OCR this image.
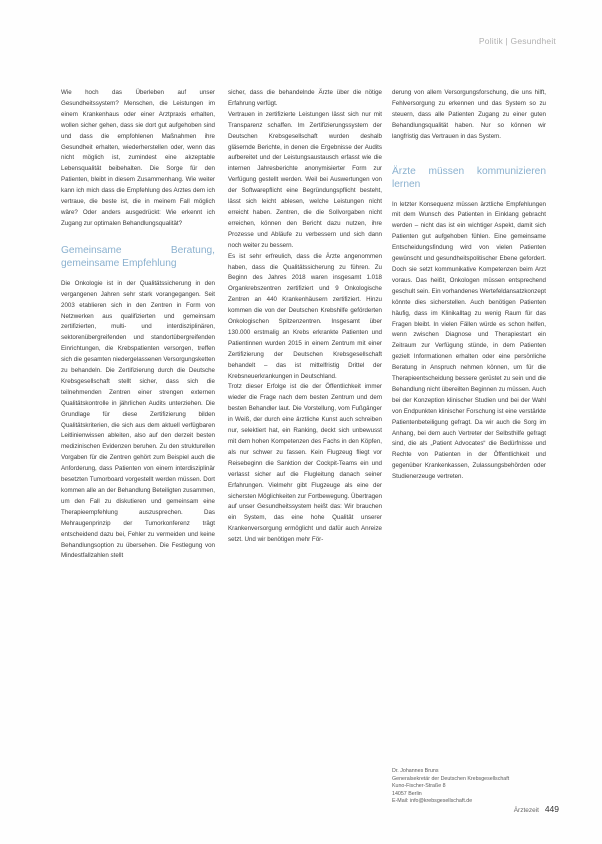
Politik | Gesundheit

Wie hoch das Überleben auf unser Gesundheitssystem? Menschen, die Leistungen im einem Krankenhaus oder einer Arztpraxis erhalten, wollen sicher gehen, dass sie dort gut aufgehoben sind und dass die empfohlenen Maßnahmen ihre Gesundheit erhalten, wiederherstellen oder, wenn das nicht möglich ist, zumindest eine akzeptable Lebensqualität beibehalten. Die Sorge für den Patienten, bleibt in diesem Zusammenhang. Wie weiter kann ich mich dass die Empfehlung des Arztes dem ich vertraue, die beste ist, die in meinem Fall möglich wäre? Oder anders ausgedrückt: Wie erkennt ich Zugang zur optimalen Behandlungsqualität?

Gemeinsame Beratung, gemeinsame Empfehlung

Die Onkologie ist in der Qualitätssicherung in den vergangenen Jahren sehr stark vorangegangen. Seit 2003 etablieren sich in den Zentren in Form von Netzwerken aus qualifizierten und gemeinsam zertifizierten, multi- und interdisziplinären, sektorenübergreifenden und standortübergreifenden Einrichtungen, die Krebspatienten versorgen, treffen sich die gesamten niedergelassenen Versorgungsketten zu behandeln. Die Zertifizierung durch die Deutsche Krebsgesellschaft stellt sicher, dass sich die teilnehmenden Zentren einer strengen externen Qualitätskontrolle in jährlichen Audits unterziehen. Die Grundlage für diese Zertifizierung bilden Qualitätskriterien, die sich aus dem aktuell verfügbaren Leitlinienwissen ableiten, also auf den derzeit besten medizinischen Evidenzen beruhen. Zu den strukturellen Vorgaben für die Zentren gehört zum Beispiel auch die Anforderung, dass Patienten von einem interdisziplinär besetzten Tumorboard vorgestellt werden müssen. Dort kommen alle an der Behandlung Beteiligten zusammen, um den Fall zu diskutieren und gemeinsam eine Therapieempfehlung auszusprechen. Das Mehraugenprinzip der Tumorkonferenz trägt entscheidend dazu bei, Fehler zu vermeiden und keine Behandlungsoption zu übersehen. Die Festlegung von Mindestfallzahlen stellt

sicher, dass die behandelnde Ärzte über die nötige Erfahrung verfügt.

Vertrauen in zertifizierte Leistungen lässt sich nur mit Transparenz schaffen. Im Zertifizierungssystem der Deutschen Krebsgesellschaft wurden deshalb gläsernde Berichte, in denen die Ergebnisse der Audits aufbereitet und der Leistungsaustausch erfasst wie die internen Jahresberichte anonymisierter Form zur Verfügung gestellt werden. Weil bei Auswertungen von der Softwarepflicht eine Begründungspflicht besteht, lässt sich leicht ablesen, welche Leistungen nicht erreicht haben. Zentren, die die Sollvorgaben nicht erreichen, können den Bericht dazu nutzen, ihre Prozesse und Abläufe zu verbessern und sich dann noch weiter zu bessern.

Es ist sehr erfreulich, dass die Ärzte angenommen haben, dass die Qualitätssicherung zu führen. Zu Beginn des Jahres 2018 waren insgesamt 1.018 Organkrebszentren zertifiziert und 9 Onkologische Zentren an 440 Krankenhäusern zertifiziert. Hinzu kommen die von der Deutschen Krebshilfe geförderten Onkologischen Spitzenzentren. Insgesamt über 130.000 erstmalig an Krebs erkrankte Patienten und Patientinnen wurden 2015 in einem Zentrum mit einer Zertifizierung der Deutschen Krebsgesellschaft behandelt – das ist mittelfristig Drittel der Krebsneuerkrankungen in Deutschland.

Trotz dieser Erfolge ist die der Öffentlichkeit immer wieder die Frage nach dem besten Zentrum und dem besten Behandler laut. Die Vorstellung, vom Fußgänger in Weiß, der durch eine ärztliche Kunst auch schreiben nur, selektiert hat, ein Ranking, deckt sich unbewusst mit dem hohen Kompetenzen des Fachs in den Köpfen, als nur schwer zu fassen. Kein Flugzeug fliegt vor Reisebeginn die Sanktion der Cockpit-Teams ein und verlasst sicher auf die Flugleitung danach seiner Erfahrungen. Vielmehr gibt Flugzeuge als eine der sichersten Möglichkeiten zur Fortbewegung. Übertragen auf unser Gesundheitssystem heißt das: Wir brauchen ein System, das eine hohe Qualität unserer Krankenversorgung ermöglicht und dafür auch Anreize setzt. Und wir benötigen mehr För-

derung von allem Versorgungsforschung, die uns hilft, Fehlversorgung zu erkennen und das System so zu steuern, dass alle Patienten Zugang zu einer guten Behandlungsqualität haben. Nur so können wir langfristig das Vertrauen in das System.

Ärzte müssen kommunizieren lernen

In letzter Konsequenz müssen ärztliche Empfehlungen mit dem Wunsch des Patienten in Einklang gebracht werden – nicht das ist ein wichtiger Aspekt, damit sich Patienten gut aufgehoben fühlen. Eine gemeinsame Entscheidungsfindung wird von vielen Patienten gewünscht und gesundheitspolitischer Ebene gefordert. Doch sie setzt kommunikative Kompetenzen beim Arzt voraus. Das heißt, Onkologen müssen entsprechend geschult sein. Ein vorhandenes Wertefeldansatzkonzept könnte dies sicherstellen. Auch benötigen Patienten häufig, dass im Klinikalltag zu wenig Raum für das Fragen bleibt. In vielen Fällen würde es schon helfen, wenn zwischen Diagnose und Therapiestart ein Zeitraum zur Verfügung stünde, in dem Patienten gezielt Informationen erhalten oder eine persönliche Beratung in Anspruch nehmen können, um für die Therapieentscheidung bessere gerüstet zu sein und die Behandlung nicht übereilten Beginnen zu müssen. Auch bei der Konzeption klinischer Studien und bei der Wahl von Endpunkten klinischer Forschung ist eine verstärkte Patientenbeteiligung gefragt. Da wir auch die Sorg im Anhang, bei dem auch Vertreter der Selbsthilfe gefragt sind, die als „Patient Advocates“ die Bedürfnisse und Rechte von Patienten in der Öffentlichkeit und gegenüber Krankenkassen, Zulassungsbehörden oder Studienerzeuge vertreten.

Dr. Johannes Bruns
Generalsekretär der Deutschen Krebsgesellschaft
Kuno-Fischer-Straße 8
14057 Berlin
E-Mail: info@krebsgesellschaft.de
Ärztezeit 449
